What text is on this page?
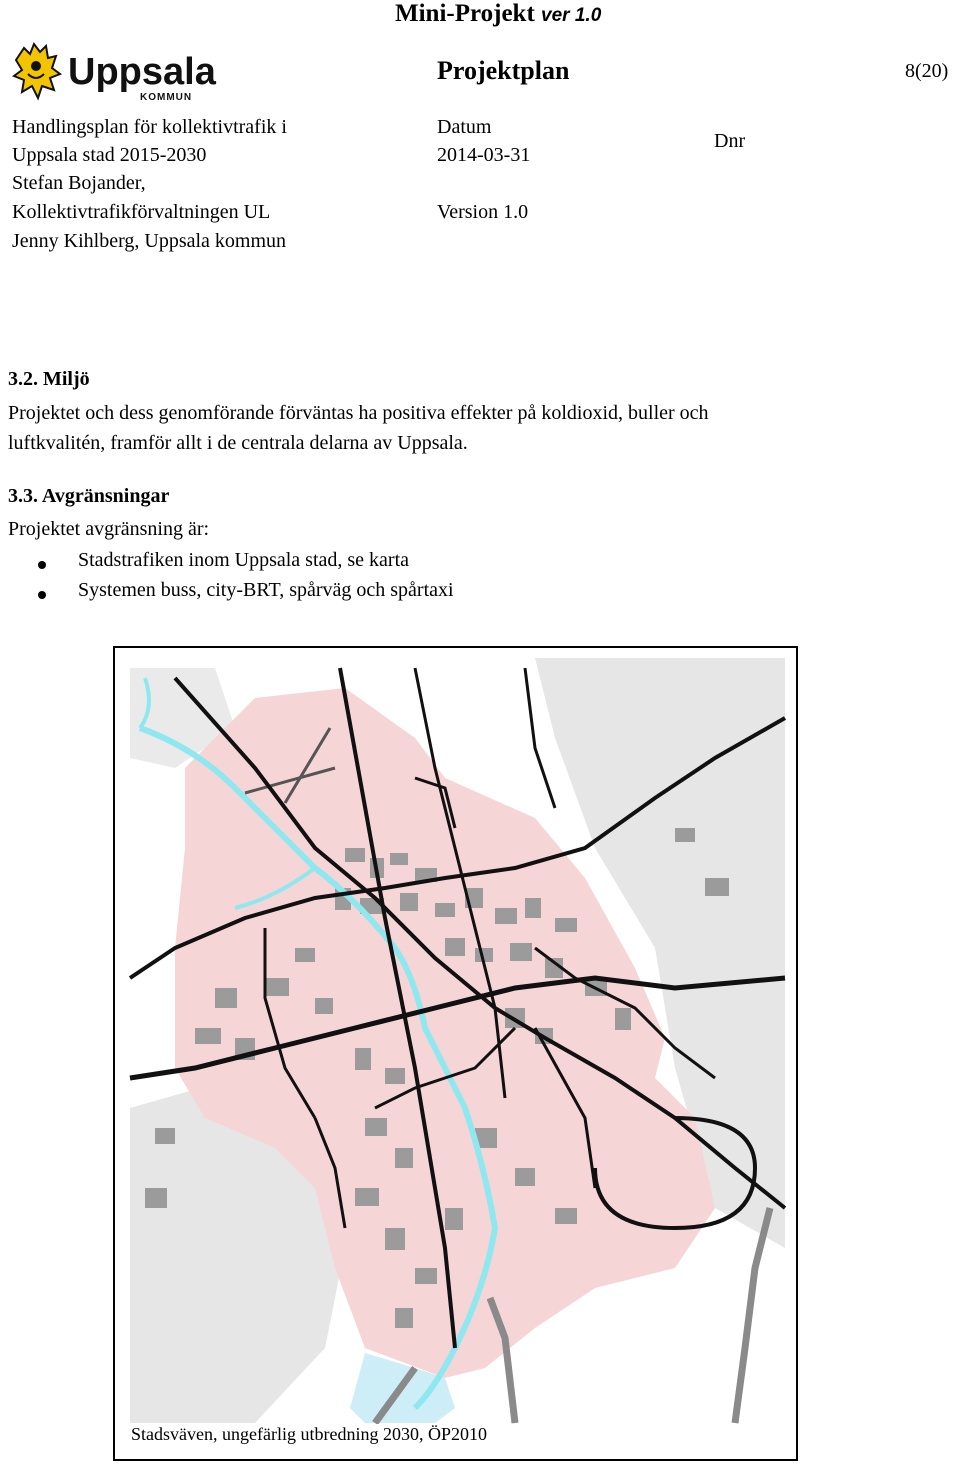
Mini-Projekt ver 1.0
Uppsala
KOMMUN
Projektplan	8(20)
Handlingsplan för kollektivtrafik i
Uppsala stad 2015-2030
Stefan Bojander,
Kollektivtrafikförvaltningen UL
Jenny Kihlberg, Uppsala kommun
Datum
2014-03-31
Version 1.0
Dnr
3.2. Miljö
Projektet och dess genomförande förväntas ha positiva effekter på koldioxid, buller och
luftkvalitén, framför allt i de centrala delarna av Uppsala.
3.3. Avgränsningar
Projektet avgränsning är:
Stadstrafiken inom Uppsala stad, se karta
Systemen buss, city-BRT, spårväg och spårtaxi
Stadsväven, ungefärlig utbredning 2030, ÖP2010
